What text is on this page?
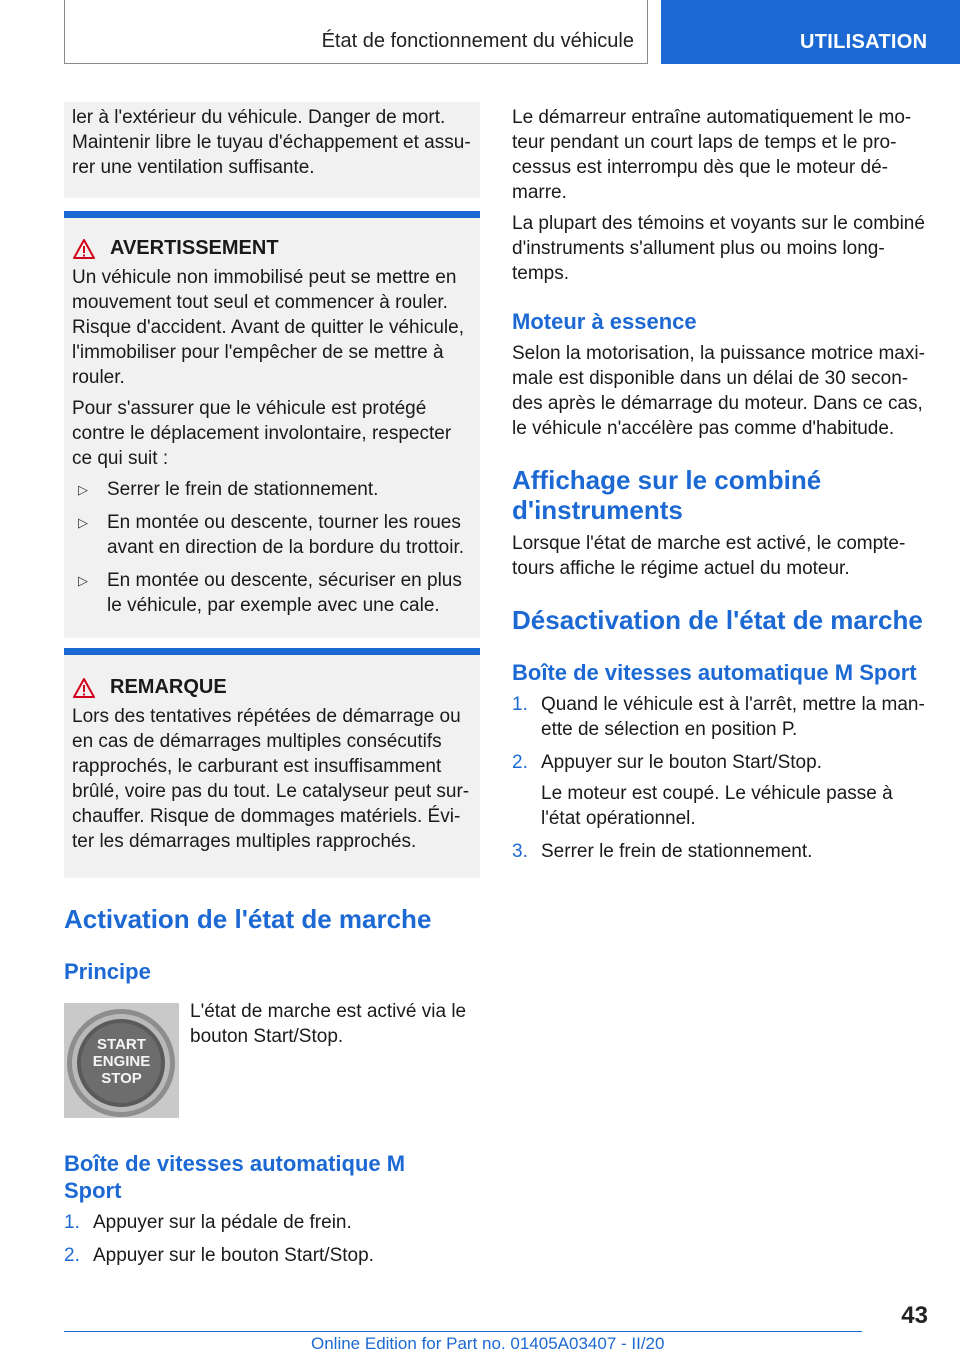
État de fonctionnement du véhicule	UTILISATION
ler à l'extérieur du véhicule. Danger de mort. Maintenir libre le tuyau d'échappement et assurer une ventilation suffisante.
AVERTISSEMENT

Un véhicule non immobilisé peut se mettre en mouvement tout seul et commencer à rouler. Risque d'accident. Avant de quitter le véhicule, l'immobiliser pour l'empêcher de se mettre à rouler.

Pour s'assurer que le véhicule est protégé contre le déplacement involontaire, respecter ce qui suit :

▷ Serrer le frein de stationnement.
▷ En montée ou descente, tourner les roues avant en direction de la bordure du trottoir.
▷ En montée ou descente, sécuriser en plus le véhicule, par exemple avec une cale.
REMARQUE

Lors des tentatives répétées de démarrage ou en cas de démarrages multiples consécutifs rapprochés, le carburant est insuffisamment brûlé, voire pas du tout. Le catalyseur peut surchauffer. Risque de dommages matériels. Éviter les démarrages multiples rapprochés.

Activation de l'état de marche
Principe
START
ENGINE
STOP
L'état de marche est activé via le bouton Start/Stop.
Boîte de vitesses automatique M Sport
1. Appuyer sur la pédale de frein.
2. Appuyer sur le bouton Start/Stop.

Le démarreur entraîne automatiquement le moteur pendant un court laps de temps et le processus est interrompu dès que le moteur démarre.

La plupart des témoins et voyants sur le combiné d'instruments s'allument plus ou moins longtemps.

Moteur à essence

Selon la motorisation, la puissance motrice maximale est disponible dans un délai de 30 secondes après le démarrage du moteur. Dans ce cas, le véhicule n'accélère pas comme d'habitude.

Affichage sur le combiné d'instruments

Lorsque l'état de marche est activé, le compte-tours affiche le régime actuel du moteur.

Désactivation de l'état de marche
Boîte de vitesses automatique M Sport
1. Quand le véhicule est à l'arrêt, mettre la manette de sélection en position P.
2. Appuyer sur le bouton Start/Stop.
Le moteur est coupé. Le véhicule passe à l'état opérationnel.
3. Serrer le frein de stationnement.
43
Online Edition for Part no. 01405A03407 - II/20
